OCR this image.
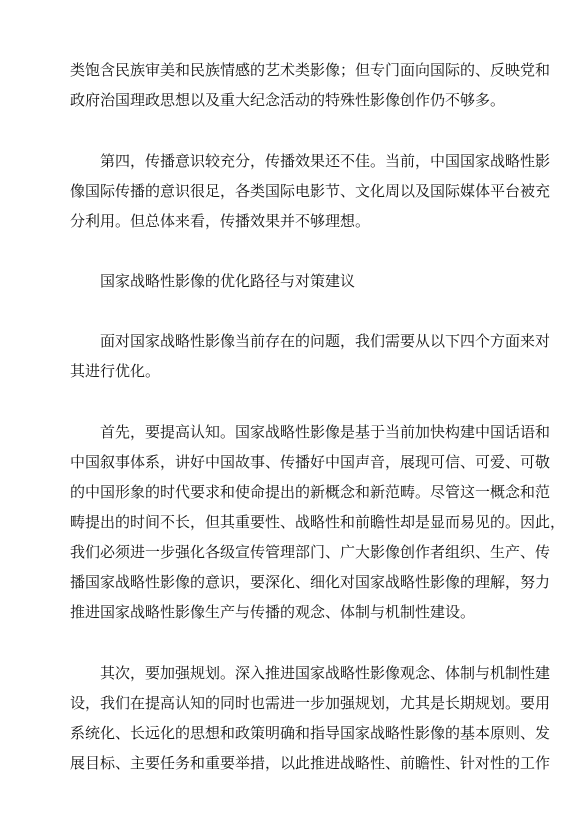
类饱含民族审美和民族情感的艺术类影像；但专门面向国际的、反映党和
政府治国理政思想以及重大纪念活动的特殊性影像创作仍不够多。
第四，传播意识较充分，传播效果还不佳。当前，中国国家战略性影
像国际传播的意识很足，各类国际电影节、文化周以及国际媒体平台被充
分利用。但总体来看，传播效果并不够理想。
国家战略性影像的优化路径与对策建议
面对国家战略性影像当前存在的问题，我们需要从以下四个方面来对
其进行优化。
首先，要提高认知。国家战略性影像是基于当前加快构建中国话语和
中国叙事体系，讲好中国故事、传播好中国声音，展现可信、可爱、可敬
的中国形象的时代要求和使命提出的新概念和新范畴。尽管这一概念和范
畴提出的时间不长，但其重要性、战略性和前瞻性却是显而易见的。因此，
我们必须进一步强化各级宣传管理部门、广大影像创作者组织、生产、传
播国家战略性影像的意识，要深化、细化对国家战略性影像的理解，努力
推进国家战略性影像生产与传播的观念、体制与机制性建设。
其次，要加强规划。深入推进国家战略性影像观念、体制与机制性建
设，我们在提高认知的同时也需进一步加强规划，尤其是长期规划。要用
系统化、长远化的思想和政策明确和指导国家战略性影像的基本原则、发
展目标、主要任务和重要举措，以此推进战略性、前瞻性、针对性的工作
